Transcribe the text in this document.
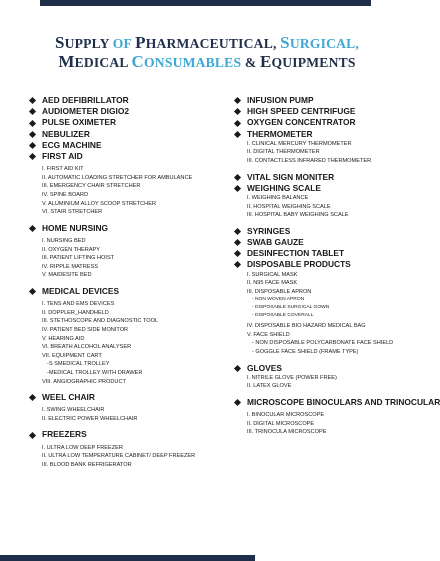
SUPPLY OF PHARMACEUTICAL, SURGICAL,
MEDICAL CONSUMABLES & EQUIPMENTS
AED DEFIBRILLATOR
AUDIOMETER DIGIO2
PULSE OXIMETER
NEBULIZER
ECG MACHINE
FIRST AID
I. FIRST AID KIT
II. AUTOMATIC LOADING STRETCHER FOR AMBULANCE
III. EMERGENCY CHAIR STRETCHER
IV. SPINE BOARD
V. ALUMINIUM ALLOY SCOOP STRETCHER
VI. STAIR STRETCHER
HOME NURSING
I. NURSING BED
II. OXYGEN THERAPY
III. PATIENT LIFTING HOIST
IV. RIPPLE MATRESS
V. MAIDESITE BED
MEDICAL DEVICES
I. TENS AND EMS DEVICES
II. DOPPLER_HANDHELD
III. STETHOSCOPE AND DIAGNOSTIC TOOL
IV. PATIENT BED SIDE MONITOR
V. HEARING AID
VI. BREATH ALCOHOL ANALYSER
VII. EQUIPMENT CART
-S SMEDICAL TROLLEY
-MEDICAL TROLLEY WITH DRAWER
VIII. ANGIOGRAPHIC PRODUCT
WEEL CHAIR
I. SWING WHEELCHAIR
II. ELECTRIC POWER WHEELCHAIR
FREEZERS
I. ULTRA LOW DEEP FREEZER
II. ULTRA LOW TEMPERATURE CABINET/ DEEP FREEZER
III. BLOOD BANK REFRIGERATOR
INFUSION PUMP
HIGH SPEED CENTRIFUGE
OXYGEN CONCENTRATOR
THERMOMETER
I. CLINICAL MERCURY THERMOMETER
II. DIGITAL THERMOMETER
III. CONTACTLESS INFRARED THERMOMETER
VITAL SIGN MONITER
WEIGHING SCALE
I. WEIGHING BALANCE
II. HOSPITAL WEIGHING SCALE
III. HOSPITAL BABY WEIGHING SCALE
SYRINGES
SWAB GAUZE
DESINFECTION TABLET
DISPOSABLE PRODUCTS
I. SURGICAL MASK
II. N95 FACE MASK
III. DISPOSABLE APRON
- NON WOVEN APRON
- DISPOSABLE SURGICAL GOWN
- DISPOSABLE COVERALL
IV. DISPOSABLE BIO HAZARD MEDICAL BAG
V. FACE SHIELD
- NON DISPOSABLE POLYCARBONATE FACE SHIELD
- GOGGLE FACE SHIELD (FRAME TYPE)
GLOVES
I. NITRILE GLOVE (POWER FREE)
II. LATEX GLOVE
MICROSCOPE BINOCULARS AND TRINOCULAR
I. BINOCULAR MICROSCOPE
II. DIGITAL MICROSCOPE
III. TRINOCULA MICROSCOPE
